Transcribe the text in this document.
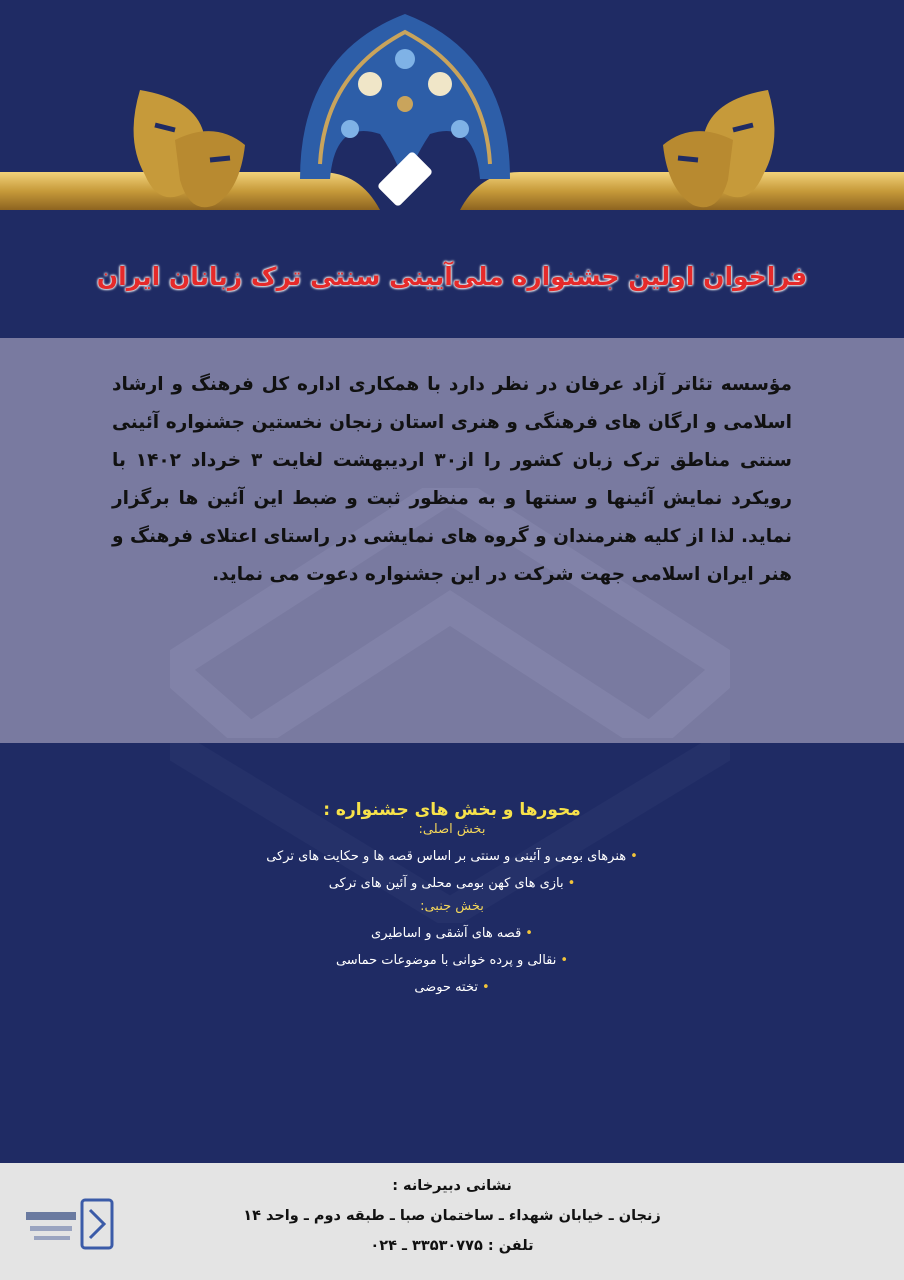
فراخوان اولین جشنواره ملی‌آیینی سنتی ترک زبانان ایران
مؤسسه تئاتر آزاد عرفان در نظر دارد با همکاری اداره کل فرهنگ و ارشاد اسلامی و ارگان های فرهنگی و هنری استان زنجان نخستین جشنواره آئینی سنتی مناطق ترک زبان کشور را از۳۰ اردیبهشت لغایت ۳ خرداد ۱۴۰۲ با رویکرد نمایش آئینها و سنتها و به منظور ثبت و ضبط این آئین ها برگزار نماید. لذا از کلیه هنرمندان و گروه های نمایشی در راستای اعتلای فرهنگ و هنر ایران اسلامی جهت شرکت در این جشنواره دعوت می نماید.
محورها و بخش های جشنواره :
بخش اصلی:
•هنرهای بومی و آئینی و سنتی بر اساس قصه ها و حکایت های ترکی
•بازی های کهن بومی محلی و آئین های ترکی
بخش جنبی:
•قصه های آشقی و اساطیری
•نقالی و پرده خوانی با موضوعات حماسی
•تخته حوضی
نشانی دبیرخانه :
زنجان ـ خیابان شهداء ـ ساختمان صبا ـ طبقه دوم ـ واحد ۱۴
تلفن : ۳۳۵۳۰۷۷۵ ـ ۰۲۴
